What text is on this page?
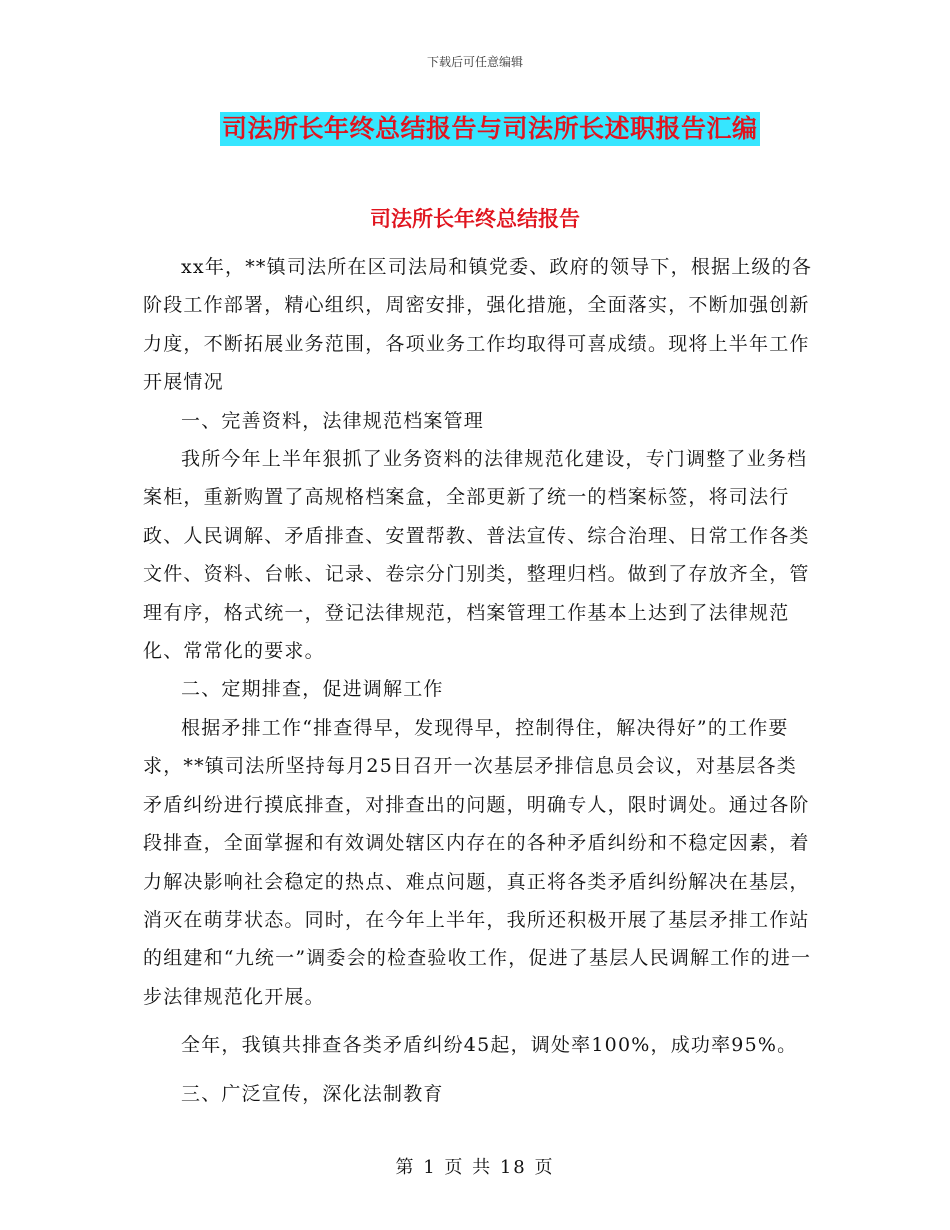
下载后可任意编辑
司法所长年终总结报告与司法所长述职报告汇编
司法所长年终总结报告

xx年，**镇司法所在区司法局和镇党委、政府的领导下，根据上级的各阶段工作部署，精心组织，周密安排，强化措施，全面落实，不断加强创新力度，不断拓展业务范围，各项业务工作均取得可喜成绩。现将上半年工作开展情况

一、完善资料，法律规范档案管理

我所今年上半年狠抓了业务资料的法律规范化建设，专门调整了业务档案柜，重新购置了高规格档案盒，全部更新了统一的档案标签，将司法行政、人民调解、矛盾排查、安置帮教、普法宣传、综合治理、日常工作各类文件、资料、台帐、记录、卷宗分门别类，整理归档。做到了存放齐全，管理有序，格式统一，登记法律规范，档案管理工作基本上达到了法律规范化、常常化的要求。

二、定期排查，促进调解工作

根据矛排工作“排查得早，发现得早，控制得住，解决得好”的工作要求，**镇司法所坚持每月25日召开一次基层矛排信息员会议，对基层各类矛盾纠纷进行摸底排查，对排查出的问题，明确专人，限时调处。通过各阶段排查，全面掌握和有效调处辖区内存在的各种矛盾纠纷和不稳定因素，着力解决影响社会稳定的热点、难点问题，真正将各类矛盾纠纷解决在基层，消灭在萌芽状态。同时，在今年上半年，我所还积极开展了基层矛排工作站的组建和“九统一”调委会的检查验收工作，促进了基层人民调解工作的进一步法律规范化开展。

全年，我镇共排查各类矛盾纠纷45起，调处率100%，成功率95%。

三、广泛宣传，深化法制教育

第 1 页 共 18 页
